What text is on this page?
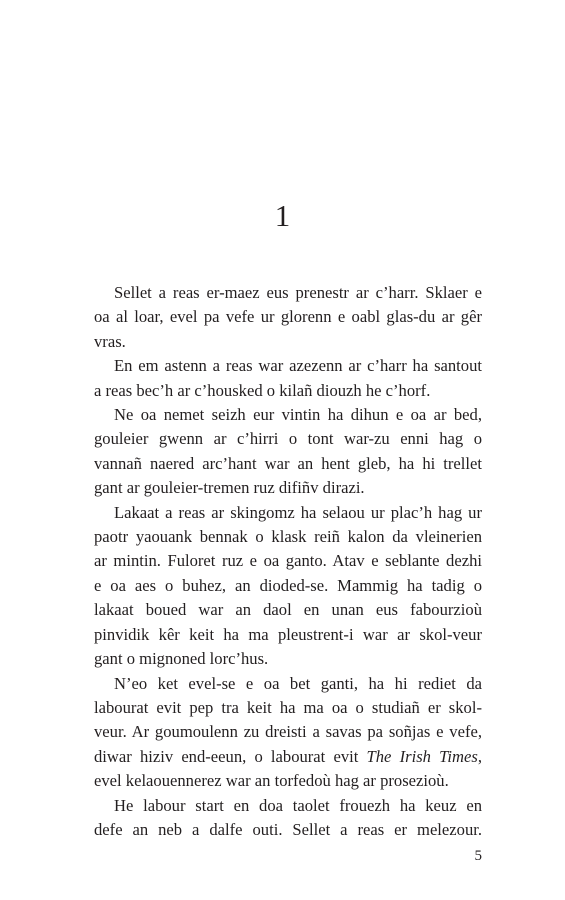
1

Sellet a reas er-maez eus prenestr ar c’harr. Sklaer e
oa al loar, evel pa vefe ur glorenn e oabl glas-du ar gêr
vras.

En em astenn a reas war azezenn ar c’harr ha santout
a reas bec’h ar c’housked o kilañ diouzh he c’horf.

Ne oa nemet seizh eur vintin ha dihun e oa ar bed,
gouleier gwenn ar c’hirri o tont war-zu enni hag o
vannañ naered arc’hant war an hent gleb, ha hi trellet
gant ar gouleier-tremen ruz difiñv dirazi.

Lakaat a reas ar skingomz ha selaou ur plac’h hag ur
paotr yaouank bennak o klask reiñ kalon da vleinerien
ar mintin. Fuloret ruz e oa ganto. Atav e seblante dezhi
e oa aes o buhez, an dioded-se. Mammig ha tadig o
lakaat boued war an daol en unan eus fabourzioù
pinvidik kêr keit ha ma pleustrent-i war ar skol-veur
gant o mignoned lorc’hus.

N’eo ket evel-se e oa bet ganti, ha hi rediet da
labourat evit pep tra keit ha ma oa o studiañ er skol-
veur. Ar goumoulenn zu dreisti a savas pa soñjas e vefe,
diwar hiziv end-eeun, o labourat evit The Irish Times,
evel kelaouennerez war an torfedoù hag ar prosezioù.

He labour start en doa taolet frouezh ha keuz en
defe an neb a dalfe outi. Sellet a reas er melezour.

5
